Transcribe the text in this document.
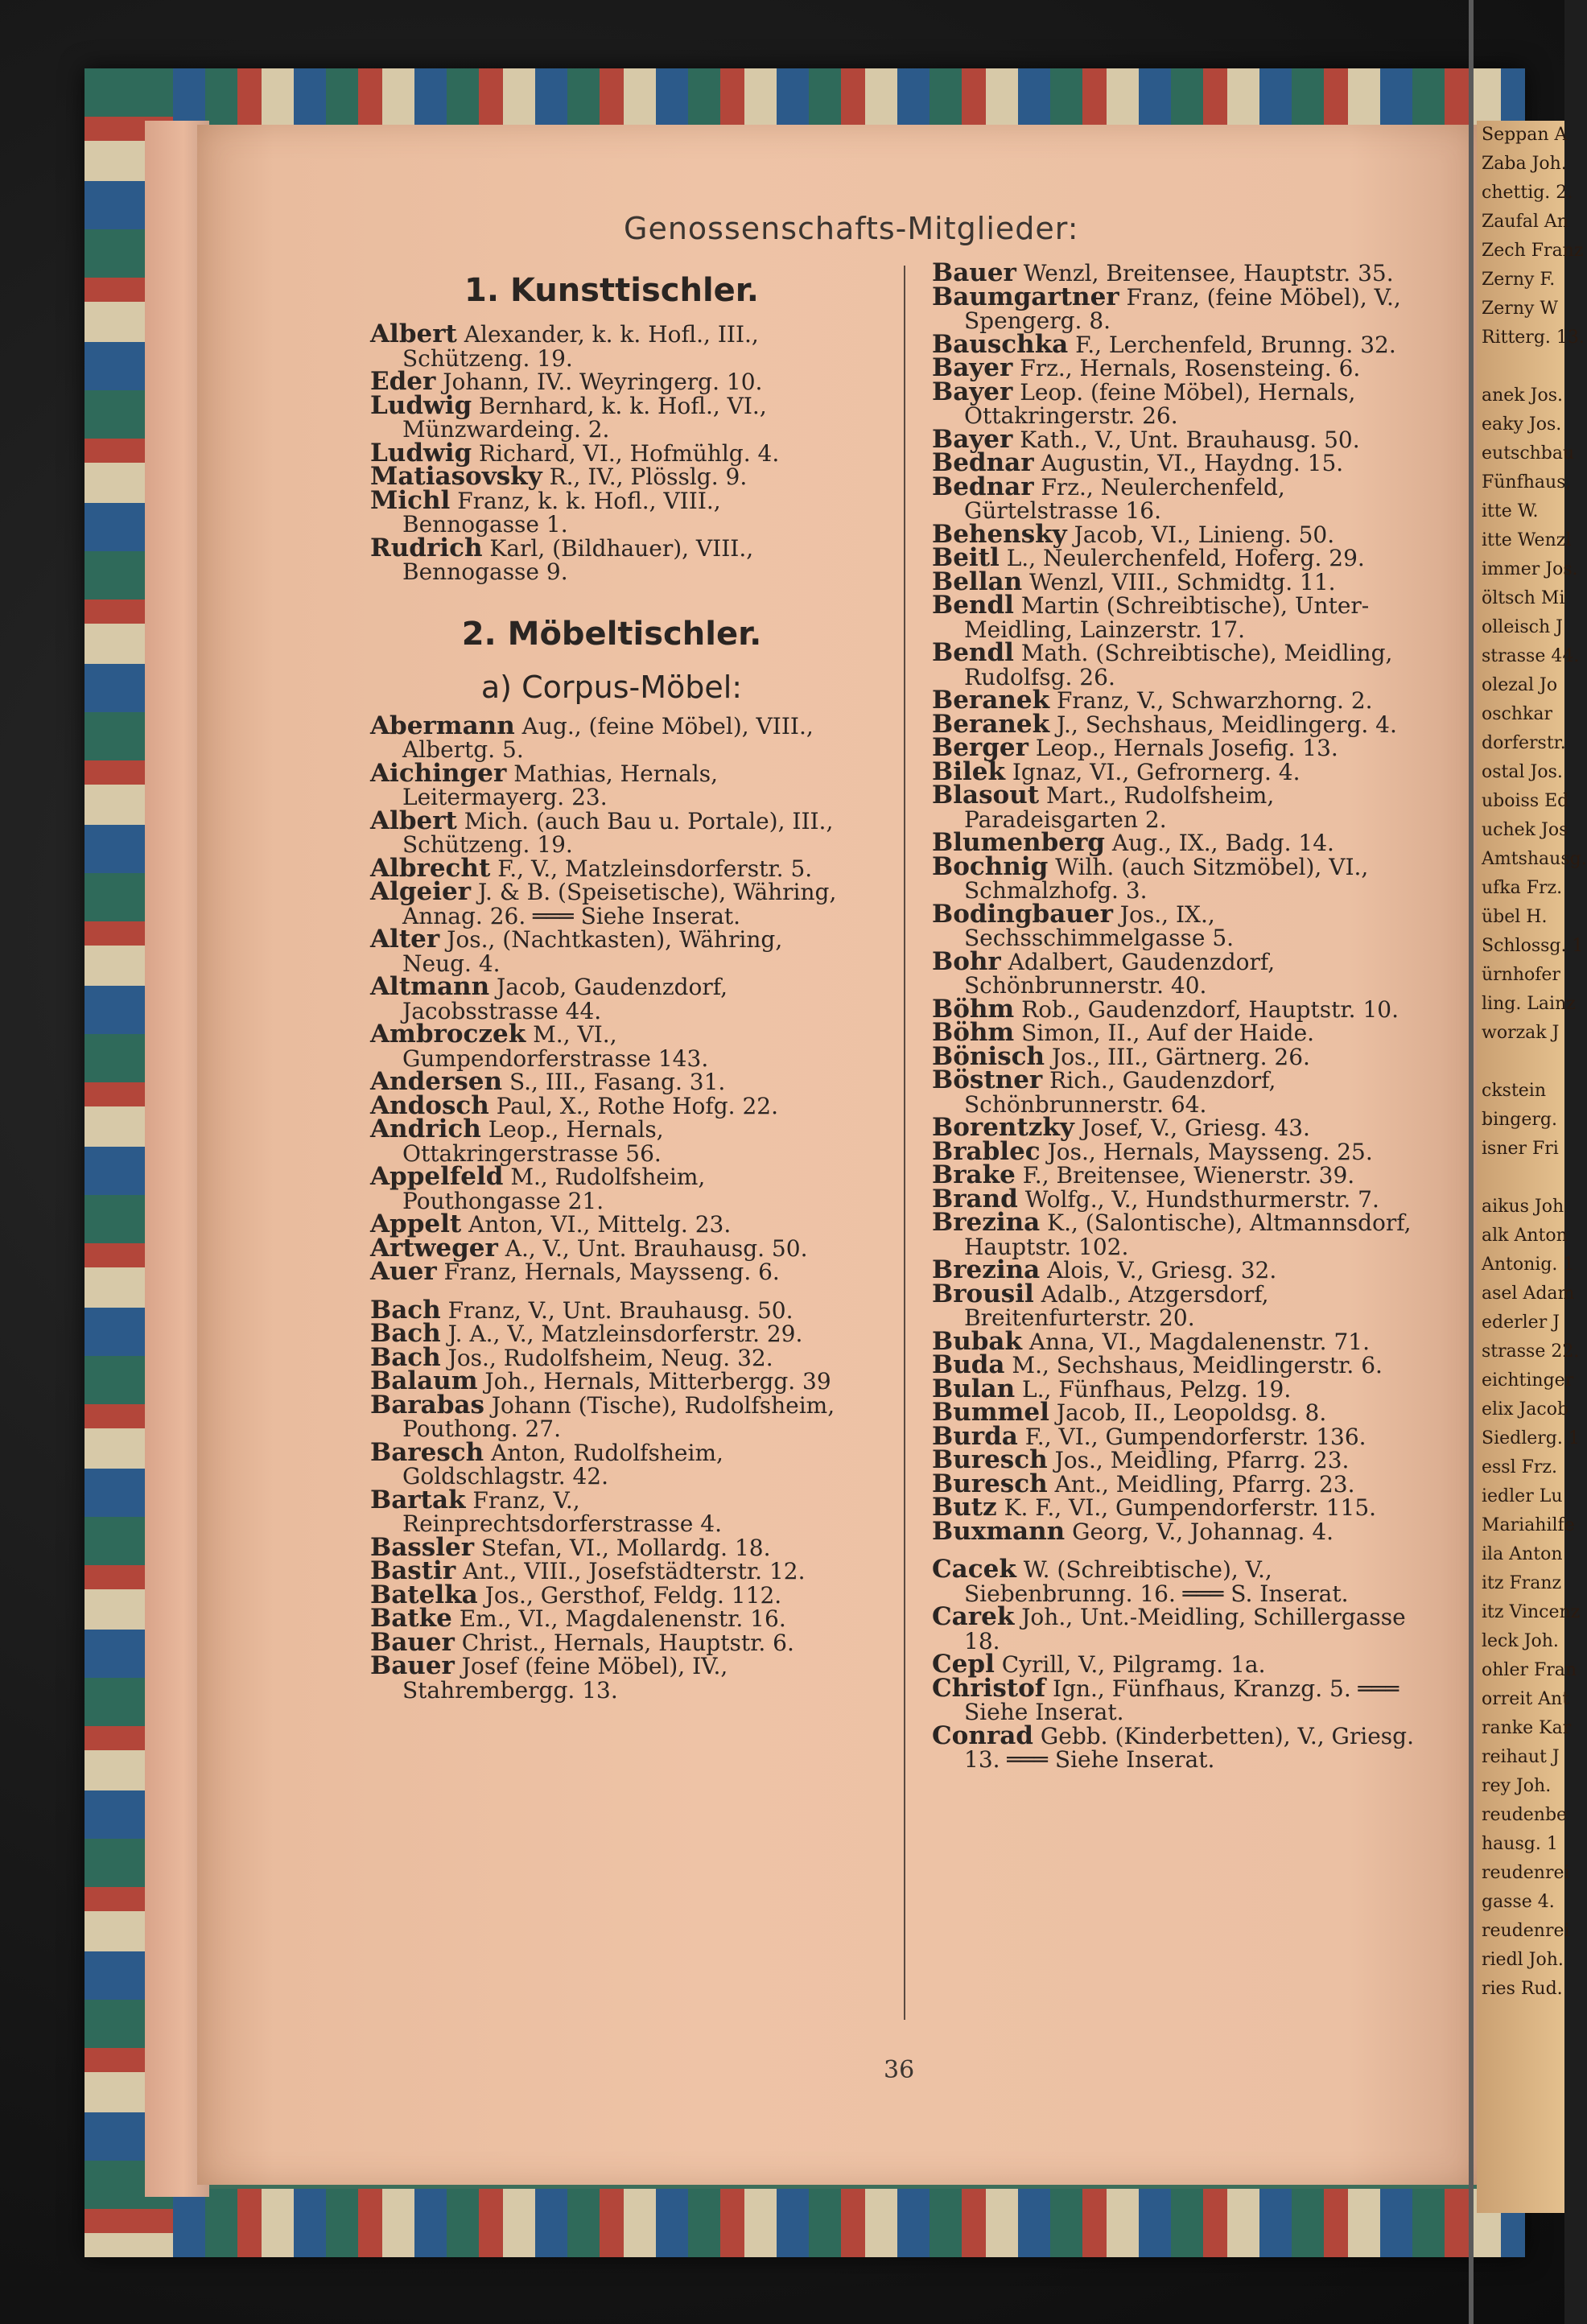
Seppan A
Zaba Joh.
chettig. 2.
Zaufal An
Zech Franz
Zerny F.
Zerny W
Ritterg. 13.

anek Jos.
eaky Jos.
eutschbau
Fünfhaus,
itte W.
itte Wenzl
immer Jos.
öltsch Mi
olleisch J
strasse 44.
olezal Jo
oschkar
dorferstr.
ostal Jos.
uboiss Ed
uchek Jos
Amtshausg.
ufka Frz.
übel H.
Schlossg. 1
ürnhofer
ling. Lainz
worzak J

ckstein
bingerg.
isner Fri

aikus Joh
alk Anton
Antonig. 1
asel Adam
ederler J
strasse 22.
eichtinger
elix Jacob
Siedlerg. 1
essl Frz.
iedler Lu
Mariahilfe
ila Anton
itz Franz
itz Vincenz
leck Joh.
ohler Fran
orreit Ant
ranke Kar
reihaut J
rey Joh.
reudenbe
hausg. 1
reudenrei
gasse 4.
reudenrei
riedl Joh.
ries Rud.
Genossenschafts-Mitglieder:
1. Kunsttischler.

Albert Alexander, k. k. Hofl., III., Schützeng. 19.

Eder Johann, IV.. Weyringerg. 10.

Ludwig Bernhard, k. k. Hofl., VI., Münzwardeing. 2.

Ludwig Richard, VI., Hofmühlg. 4.

Matiasovsky R., IV., Plösslg. 9.

Michl Franz, k. k. Hofl., VIII., Bennogasse 1.

Rudrich Karl, (Bildhauer), VIII., Bennogasse 9.

2. Möbeltischler.
a) Corpus-Möbel:

Abermann Aug., (feine Möbel), VIII., Albertg. 5.

Aichinger Mathias, Hernals, Leitermayerg. 23.

Albert Mich. (auch Bau u. Portale), III., Schützeng. 19.

Albrecht F., V., Matzleinsdorferstr. 5.

Algeier J. & B. (Speisetische), Währing, Annag. 26. ═══ Siehe Inserat.

Alter Jos., (Nachtkasten), Währing, Neug. 4.

Altmann Jacob, Gaudenzdorf, Jacobsstrasse 44.

Ambroczek M., VI., Gumpendorferstrasse 143.

Andersen S., III., Fasang. 31.

Andosch Paul, X., Rothe Hofg. 22.

Andrich Leop., Hernals, Ottakringerstrasse 56.

Appelfeld M., Rudolfsheim, Pouthongasse 21.

Appelt Anton, VI., Mittelg. 23.

Artweger A., V., Unt. Brauhausg. 50.

Auer Franz, Hernals, Maysseng. 6.

Bach Franz, V., Unt. Brauhausg. 50.

Bach J. A., V., Matzleinsdorferstr. 29.

Bach Jos., Rudolfsheim, Neug. 32.

Balaum Joh., Hernals, Mitterbergg. 39

Barabas Johann (Tische), Rudolfsheim, Pouthong. 27.

Baresch Anton, Rudolfsheim, Goldschlagstr. 42.

Bartak Franz, V., Reinprechtsdorferstrasse 4.

Bassler Stefan, VI., Mollardg. 18.

Bastir Ant., VIII., Josefstädterstr. 12.

Batelka Jos., Gersthof, Feldg. 112.

Batke Em., VI., Magdalenenstr. 16.

Bauer Christ., Hernals, Hauptstr. 6.

Bauer Josef (feine Möbel), IV., Stahrembergg. 13.

Bauer Wenzl, Breitensee, Hauptstr. 35.

Baumgartner Franz, (feine Möbel), V., Spengerg. 8.

Bauschka F., Lerchenfeld, Brunng. 32.

Bayer Frz., Hernals, Rosensteing. 6.

Bayer Leop. (feine Möbel), Hernals, Ottakringerstr. 26.

Bayer Kath., V., Unt. Brauhausg. 50.

Bednar Augustin, VI., Haydng. 15.

Bednar Frz., Neulerchenfeld, Gürtelstrasse 16.

Behensky Jacob, VI., Linieng. 50.

Beitl L., Neulerchenfeld, Hoferg. 29.

Bellan Wenzl, VIII., Schmidtg. 11.

Bendl Martin (Schreibtische), Unter-Meidling, Lainzerstr. 17.

Bendl Math. (Schreibtische), Meidling, Rudolfsg. 26.

Beranek Franz, V., Schwarzhorng. 2.

Beranek J., Sechshaus, Meidlingerg. 4.

Berger Leop., Hernals Josefig. 13.

Bilek Ignaz, VI., Gefrornerg. 4.

Blasout Mart., Rudolfsheim, Paradeisgarten 2.

Blumenberg Aug., IX., Badg. 14.

Bochnig Wilh. (auch Sitzmöbel), VI., Schmalzhofg. 3.

Bodingbauer Jos., IX., Sechsschimmelgasse 5.

Bohr Adalbert, Gaudenzdorf, Schönbrunnerstr. 40.

Böhm Rob., Gaudenzdorf, Hauptstr. 10.

Böhm Simon, II., Auf der Haide.

Bönisch Jos., III., Gärtnerg. 26.

Böstner Rich., Gaudenzdorf, Schönbrunnerstr. 64.

Borentzky Josef, V., Griesg. 43.

Brablec Jos., Hernals, Maysseng. 25.

Brake F., Breitensee, Wienerstr. 39.

Brand Wolfg., V., Hundsthurmerstr. 7.

Brezina K., (Salontische), Altmannsdorf, Hauptstr. 102.

Brezina Alois, V., Griesg. 32.

Brousil Adalb., Atzgersdorf, Breitenfurterstr. 20.

Bubak Anna, VI., Magdalenenstr. 71.

Buda M., Sechshaus, Meidlingerstr. 6.

Bulan L., Fünfhaus, Pelzg. 19.

Bummel Jacob, II., Leopoldsg. 8.

Burda F., VI., Gumpendorferstr. 136.

Buresch Jos., Meidling, Pfarrg. 23.

Buresch Ant., Meidling, Pfarrg. 23.

Butz K. F., VI., Gumpendorferstr. 115.

Buxmann Georg, V., Johannag. 4.

Cacek W. (Schreibtische), V., Siebenbrunng. 16. ═══ S. Inserat.

Carek Joh., Unt.-Meidling, Schillergasse 18.

Cepl Cyrill, V., Pilgramg. 1a.

Christof Ign., Fünfhaus, Kranzg. 5. ═══ Siehe Inserat.

Conrad Gebb. (Kinderbetten), V., Griesg. 13. ═══ Siehe Inserat.

36
